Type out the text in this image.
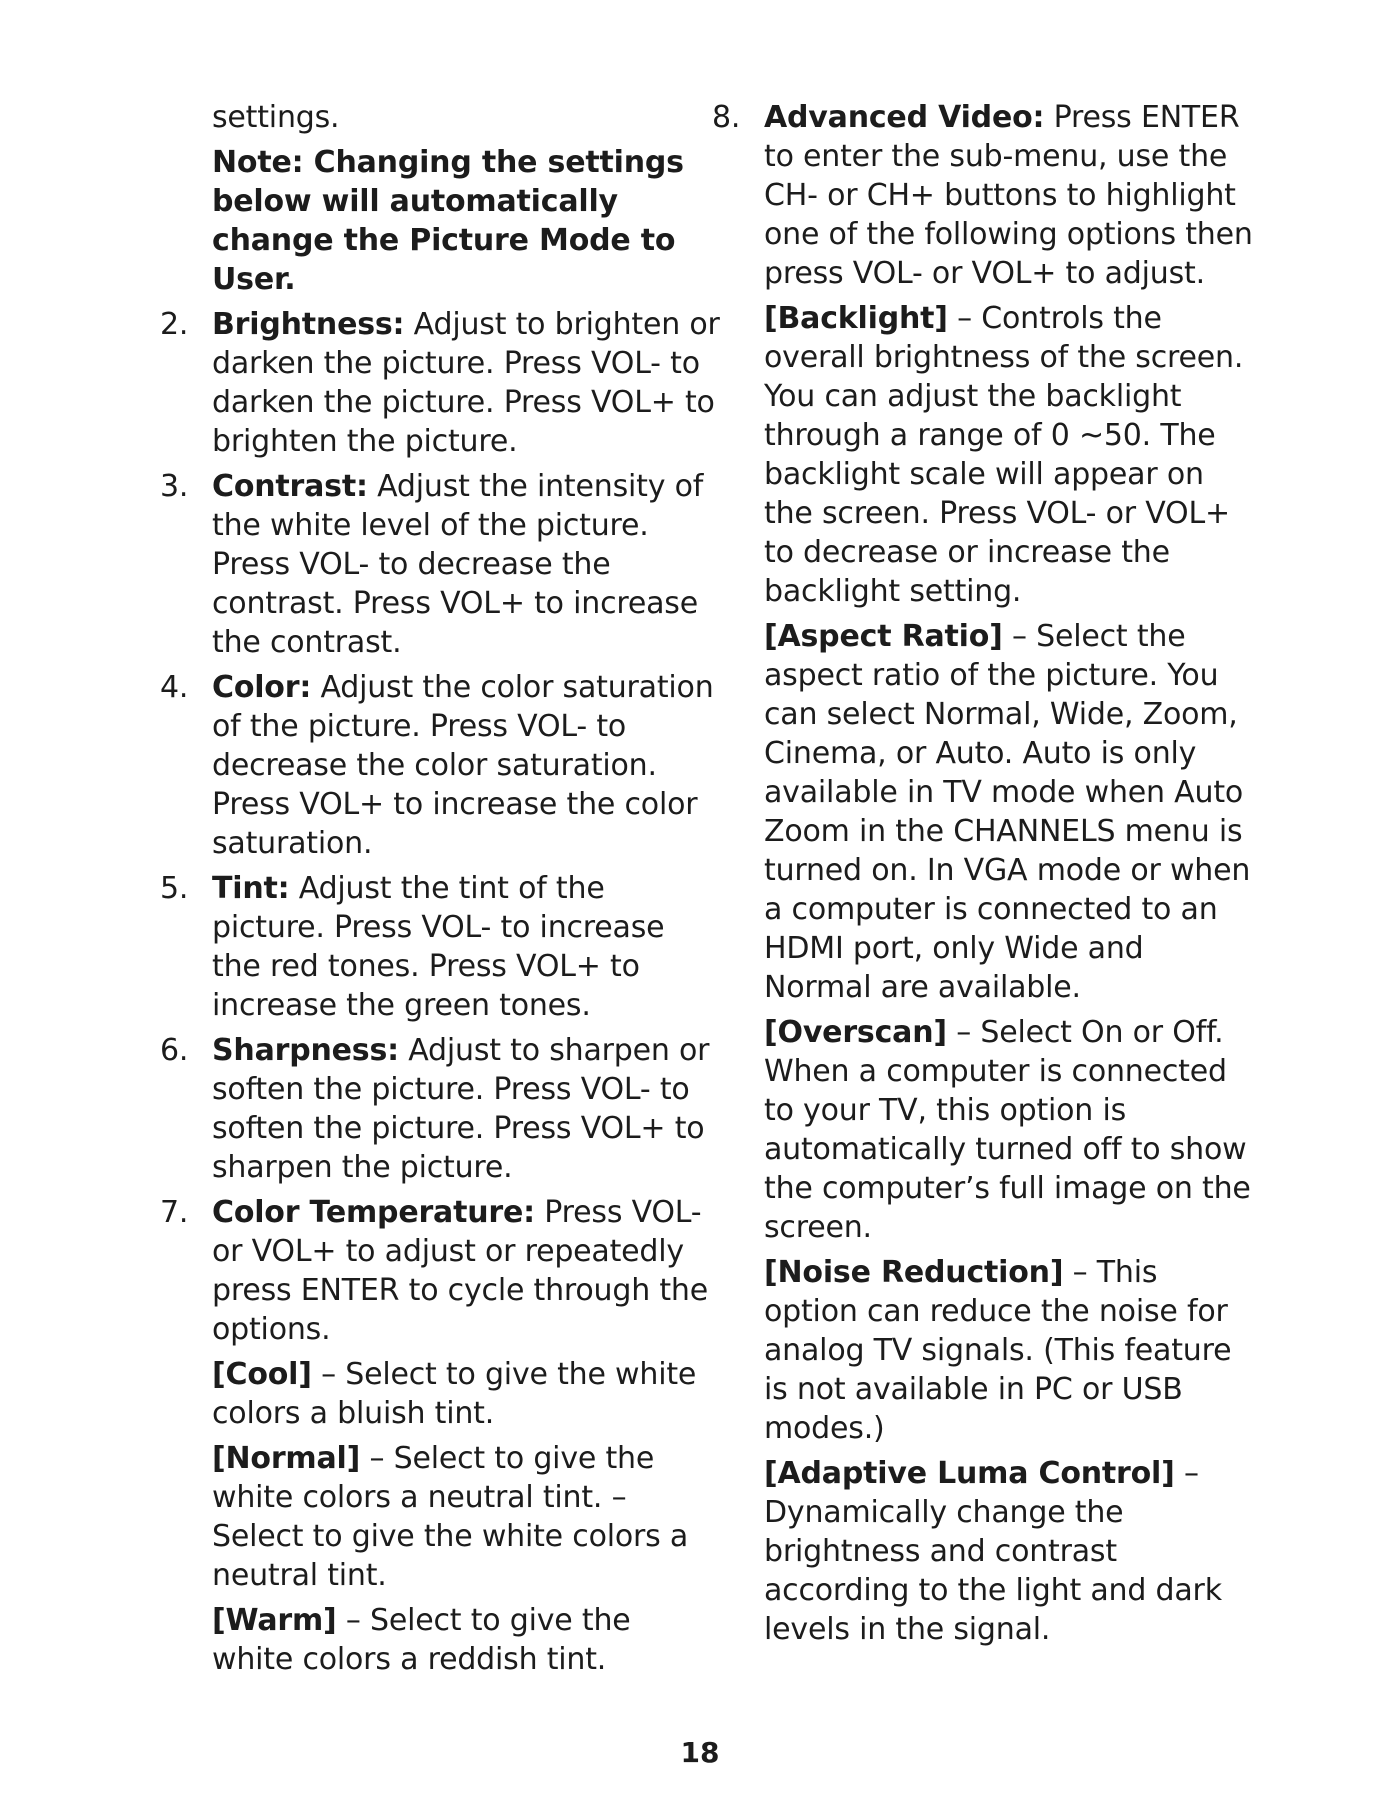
settings.
Note: Changing the settings below will automatically change the Picture Mode to User.
2. Brightness: Adjust to brighten or darken the picture. Press VOL- to darken the picture. Press VOL+ to brighten the picture.
3. Contrast: Adjust the intensity of the white level of the picture. Press VOL- to decrease the contrast. Press VOL+ to increase the contrast.
4. Color: Adjust the color saturation of the picture. Press VOL- to decrease the color saturation. Press VOL+ to increase the color saturation.
5. Tint: Adjust the tint of the picture. Press VOL- to increase the red tones. Press VOL+ to increase the green tones.
6. Sharpness: Adjust to sharpen or soften the picture. Press VOL- to soften the picture. Press VOL+ to sharpen the picture.
7. Color Temperature: Press VOL- or VOL+ to adjust or repeatedly press ENTER to cycle through the options.
[Cool] – Select to give the white colors a bluish tint.
[Normal] – Select to give the white colors a neutral tint. – Select to give the white colors a neutral tint.
[Warm] – Select to give the white colors a reddish tint.
8. Advanced Video: Press ENTER to enter the sub-menu, use the CH- or CH+ buttons to highlight one of the following options then press VOL- or VOL+ to adjust.
[Backlight] – Controls the overall brightness of the screen. You can adjust the backlight through a range of 0 ~50. The backlight scale will appear on the screen. Press VOL- or VOL+ to decrease or increase the backlight setting.
[Aspect Ratio] – Select the aspect ratio of the picture. You can select Normal, Wide, Zoom, Cinema, or Auto. Auto is only available in TV mode when Auto Zoom in the CHANNELS menu is turned on. In VGA mode or when a computer is connected to an HDMI port, only Wide and Normal are available.
[Overscan] – Select On or Off. When a computer is connected to your TV, this option is automatically turned off to show the computer’s full image on the screen.
[Noise Reduction] – This option can reduce the noise for analog TV signals. (This feature is not available in PC or USB modes.)
[Adaptive Luma Control] – Dynamically change the brightness and contrast according to the light and dark levels in the signal.
18
